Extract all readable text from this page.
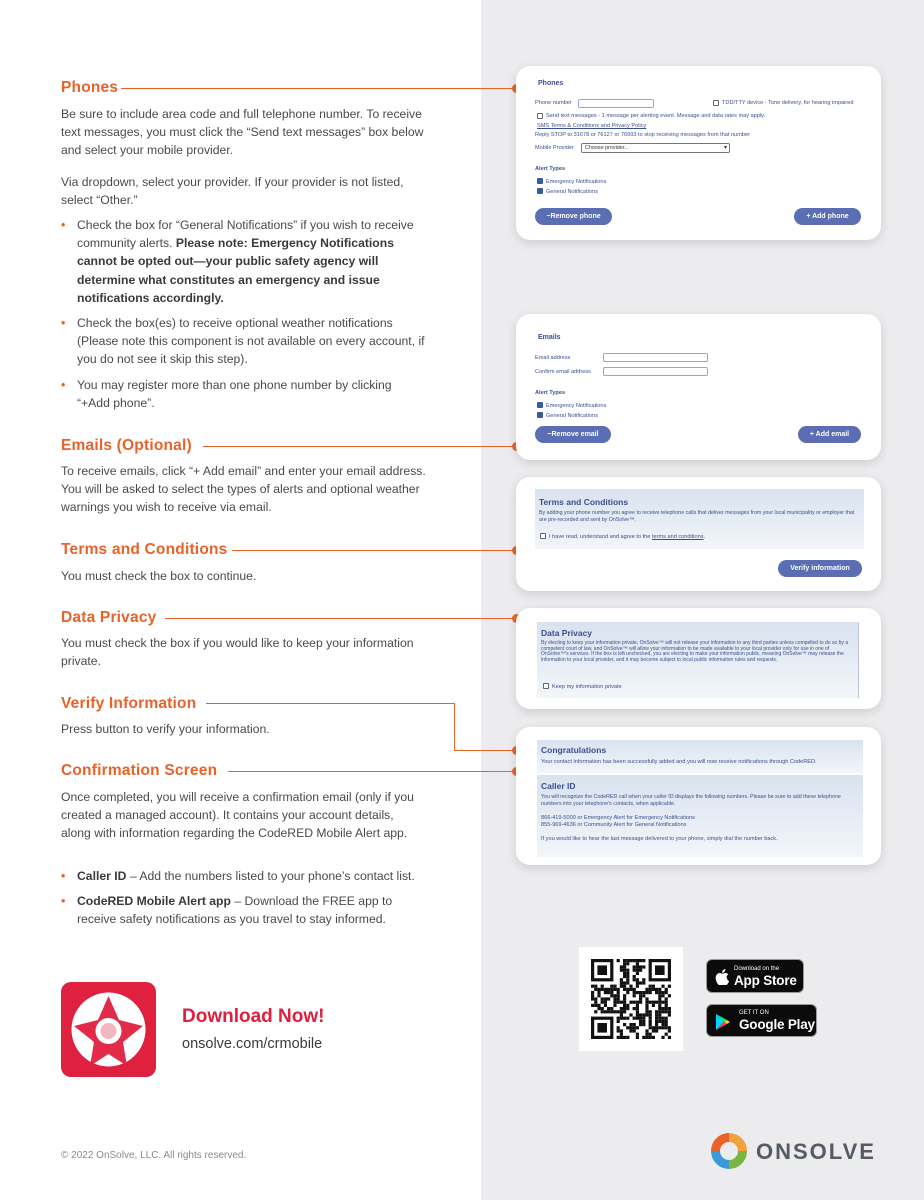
Phones
Be sure to include area code and full telephone number. To receive text messages, you must click the “Send text messages” box below and select your mobile provider.
Via dropdown, select your provider. If your provider is not listed, select “Other.”
• Check the box for “General Notifications” if you wish to receive community alerts. Please note: Emergency Notifications cannot be opted out—your public safety agency will determine what constitutes an emergency and issue notifications accordingly.
• Check the box(es) to receive optional weather notifications (Please note this component is not available on every account, if you do not see it skip this step).
• You may register more than one phone number by clicking “+Add phone”.
Emails (Optional)
To receive emails, click “+ Add email” and enter your email address. You will be asked to select the types of alerts and optional weather warnings you wish to receive via email.
Terms and Conditions
You must check the box to continue.
Data Privacy
You must check the box if you would like to keep your information private.
Verify Information
Press button to verify your information.
Confirmation Screen
Once completed, you will receive a confirmation email (only if you created a managed account). It contains your account details, along with information regarding the CodeRED Mobile Alert app.
• Caller ID – Add the numbers listed to your phone’s contact list.
• CodeRED Mobile Alert app – Download the FREE app to receive safety notifications as you travel to stay informed.
Phones
Phone number	TDD/TTY device - Tone delivery, for hearing impaired
Send text messages - 1 message per alerting event. Message and data rates may apply.
SMS Terms & Conditions and Privacy Policy
Reply STOP to 31678 or 76127 or 76993 to stop receiving messages from that number
Mobile Provider	Choose provider... ▾
Alert Types
Emergency Notifications
General Notifications
−Remove phone	+ Add phone
Emails
Email address
Confirm email address
Alert Types
Emergency Notifications
General Notifications
−Remove email	+ Add email
Terms and Conditions
By adding your phone number you agree to receive telephone calls that deliver messages from your local municipality or employer that are pre-recorded and sent by OnSolve™.
I have read, understand and agree to the terms and conditions.
Verify information
Data Privacy
By electing to keep your information private, OnSolve™ will not release your information to any third parties unless compelled to do so by a competent court of law, and OnSolve™ will allow your information to be made available to your local provider only for use in one of OnSolve™'s services. If the box is left unchecked, you are electing to make your information public, meaning OnSolve™ may release the information to your local provider, and it may become subject to local public information rules and requests.
Keep my information private
Congratulations
Your contact information has been successfully added and you will now receive notifications through CodeRED.
Caller ID
You will recognize the CodeRED call when your caller ID displays the following numbers. Please be sure to add these telephone numbers into your telephone's contacts, when applicable.
866-419-5000 or Emergency Alert for Emergency Notifications
855-969-4636 or Community Alert for General Notifications
If you would like to hear the last message delivered to your phone, simply dial the number back.
Download Now!
onsolve.com/crmobile
Download on the
App Store
GET IT ON
Google Play
© 2022 OnSolve, LLC. All rights reserved.	ONSOLVE
